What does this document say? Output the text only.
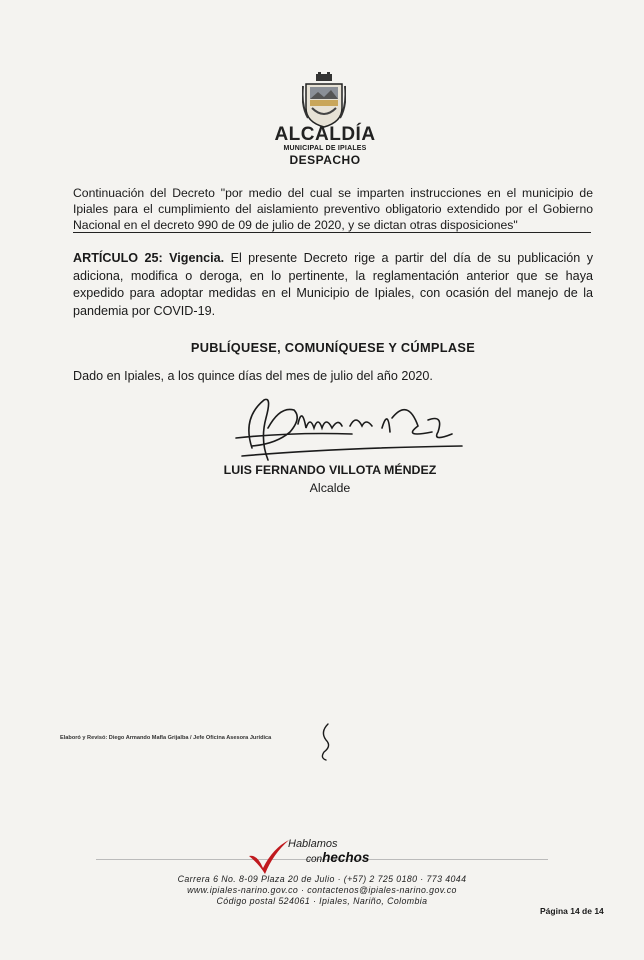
ALCALDÍA
MUNICIPAL DE IPIALES
DESPACHO
Continuación del Decreto "por medio del cual se imparten instrucciones en el municipio de Ipiales para el cumplimiento del aislamiento preventivo obligatorio extendido por el Gobierno Nacional en el decreto 990 de 09 de julio de 2020, y se dictan otras disposiciones"
ARTÍCULO 25: Vigencia. El presente Decreto rige a partir del día de su publicación y adiciona, modifica o deroga, en lo pertinente, la reglamentación anterior que se haya expedido para adoptar medidas en el Municipio de Ipiales, con ocasión del manejo de la pandemia por COVID-19.
PUBLÍQUESE, COMUNÍQUESE Y CÚMPLASE
Dado en Ipiales, a los quince días del mes de julio del año 2020.
LUIS FERNANDO VILLOTA MÉNDEZ
Alcalde
Elaboró y Revisó: Diego Armando Mafla Grijalba / Jefe Oficina Asesora Jurídica
Hablamos
conhechos
Carrera 6 No. 8-09 Plaza 20 de Julio · (+57) 2 725 0180 · 773 4044
www.ipiales-narino.gov.co · contactenos@ipiales-narino.gov.co
Código postal 524061 · Ipiales, Nariño, Colombia
Página 14 de 14
